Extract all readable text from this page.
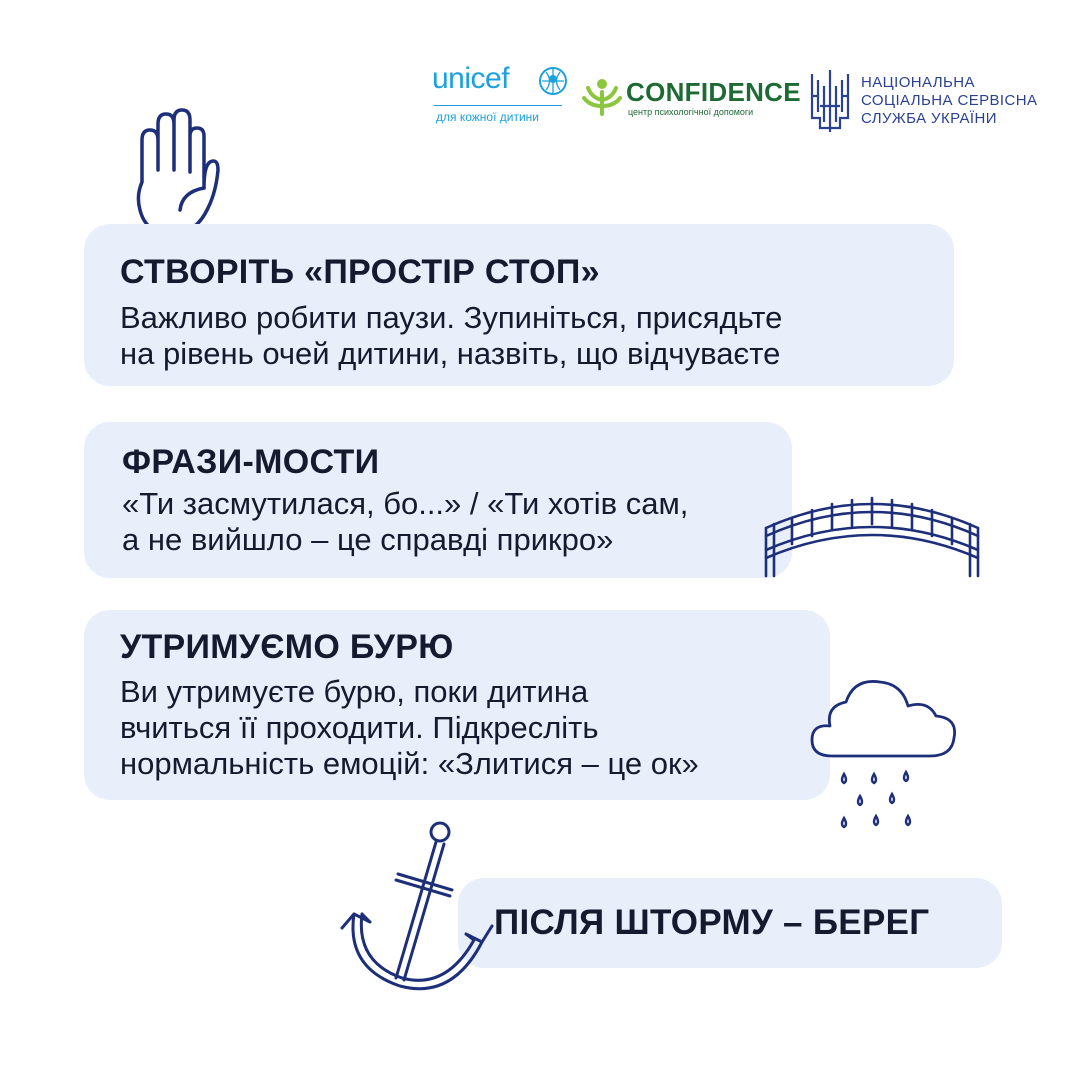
unicef
для кожної дитини
CONFIDENCE
центр психологічної допомоги
НАЦІОНАЛЬНА
СОЦІАЛЬНА СЕРВІСНА
СЛУЖБА УКРАЇНИ
СТВОРІТЬ «ПРОСТІР СТОП»
Важливо робити паузи. Зупиніться, присядьте
на рівень очей дитини, назвіть, що відчуваєте
ФРАЗИ-МОСТИ
«Ти засмутилася, бо...» / «Ти хотів сам,
а не вийшло – це справді прикро»
УТРИМУЄМО БУРЮ
Ви утримуєте бурю, поки дитина
вчиться її проходити. Підкресліть
нормальність емоцій: «Злитися – це ок»
ПІСЛЯ ШТОРМУ – БЕРЕГ
